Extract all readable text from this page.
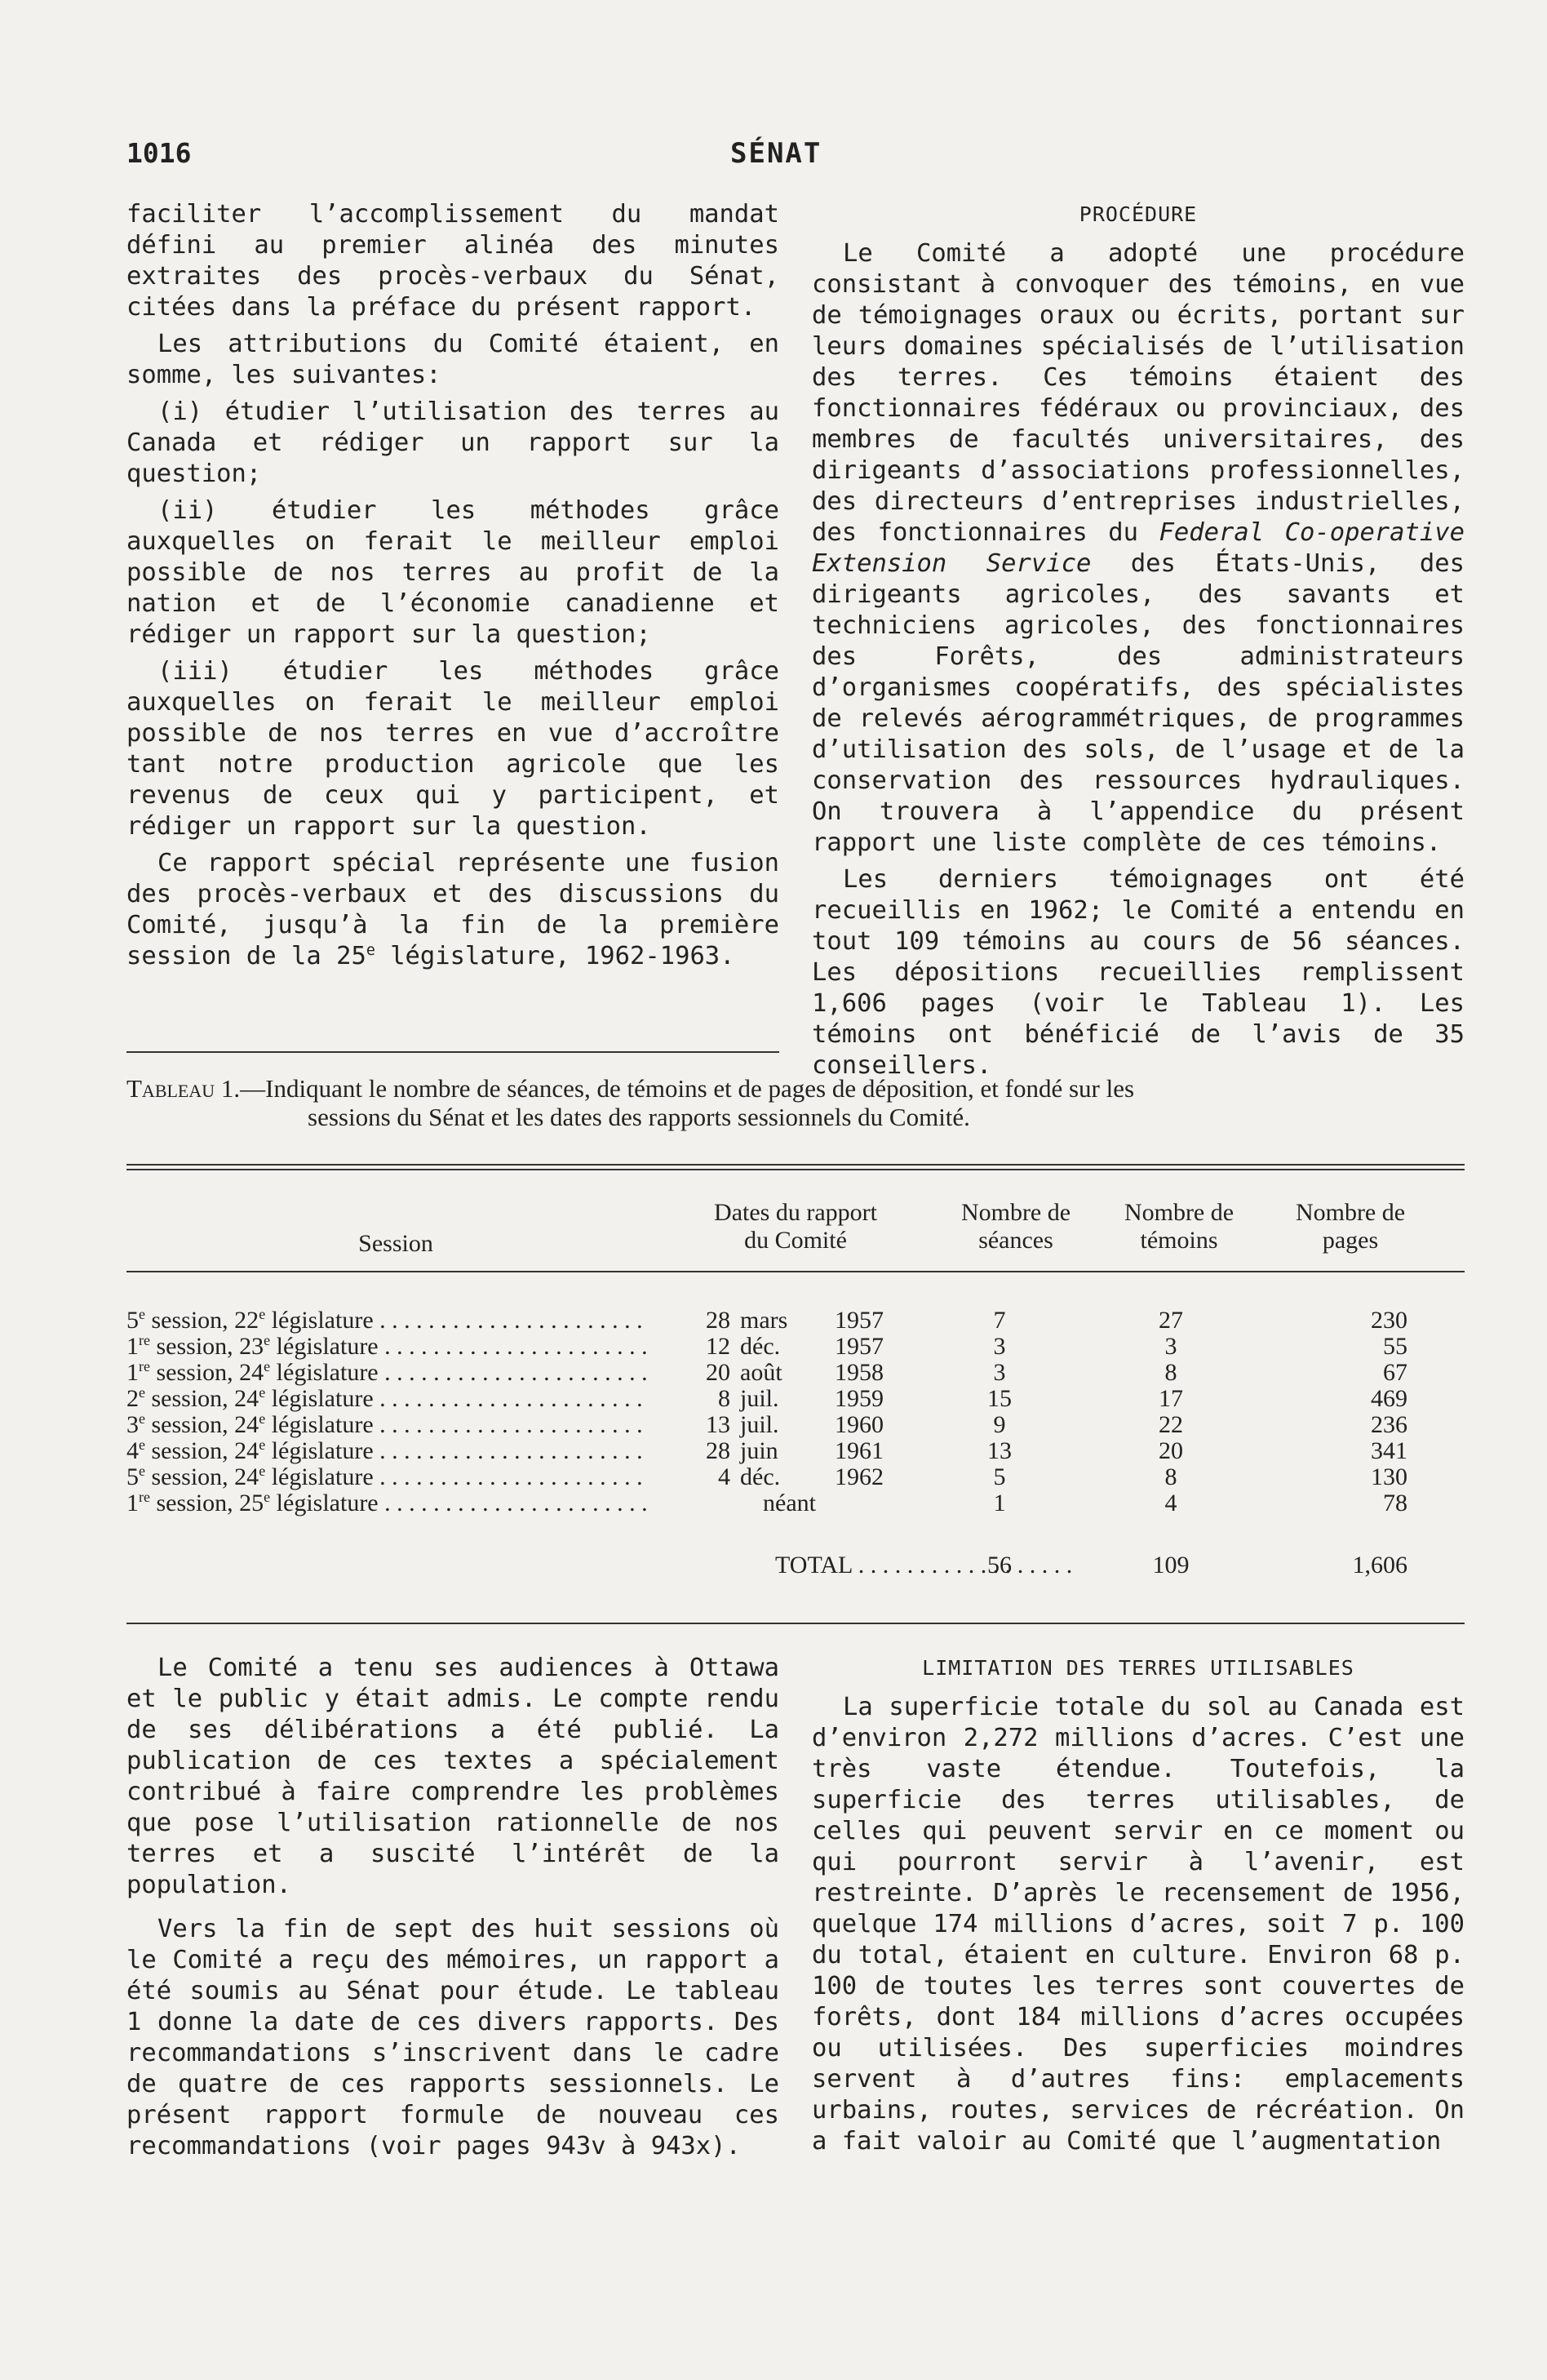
1016	SÉNAT

faciliter l’accomplissement du mandat défini au premier alinéa des minutes extraites des procès-verbaux du Sénat, citées dans la préface du présent rapport.

Les attributions du Comité étaient, en somme, les suivantes:

(i) étudier l’utilisation des terres au Canada et rédiger un rapport sur la question;

(ii) étudier les méthodes grâce auxquelles on ferait le meilleur emploi possible de nos terres au profit de la nation et de l’économie canadienne et rédiger un rapport sur la question;

(iii) étudier les méthodes grâce auxquelles on ferait le meilleur emploi possible de nos terres en vue d’accroître tant notre production agricole que les revenus de ceux qui y participent, et rédiger un rapport sur la question.

Ce rapport spécial représente une fusion des procès-verbaux et des discussions du Comité, jusqu’à la fin de la première session de la 25e législature, 1962-1963.

PROCÉDURE

Le Comité a adopté une procédure consistant à convoquer des témoins, en vue de témoignages oraux ou écrits, portant sur leurs domaines spécialisés de l’utilisation des terres. Ces témoins étaient des fonctionnaires fédéraux ou provinciaux, des membres de facultés universitaires, des dirigeants d’associations professionnelles, des directeurs d’entreprises industrielles, des fonctionnaires du Federal Co-operative Extension Service des États-Unis, des dirigeants agricoles, des savants et techniciens agricoles, des fonctionnaires des Forêts, des administrateurs d’organismes coopératifs, des spécialistes de relevés aérogrammétriques, de programmes d’utilisation des sols, de l’usage et de la conservation des ressources hydrauliques. On trouvera à l’appendice du présent rapport une liste complète de ces témoins.

Les derniers témoignages ont été recueillis en 1962; le Comité a entendu en tout 109 témoins au cours de 56 séances. Les dépositions recueillies remplissent 1,606 pages (voir le Tableau 1). Les témoins ont bénéficié de l’avis de 35 conseillers.

Tableau 1.—Indiquant le nombre de séances, de témoins et de pages de déposition, et fondé sur les
sessions du Sénat et les dates des rapports sessionnels du Comité.
Session
Dates du rapport
du Comité
Nombre de
séances
Nombre de
témoins
Nombre de
pages
5e session, 22e législature . . .	28 mars	1957	7	27	230
1re session, 23e législature . . .	12 déc.	1957	3	3	55
1re session, 24e législature . . .	20 août	1958	3	8	67
2e session, 24e législature . . .	8 juil.	1959	15	17	469
3e session, 24e législature . . .	13 juil.	1960	9	22	236
4e session, 24e législature . . .	28 juin	1961	13	20	341
5e session, 24e législature . . .	4 déc.	1962	5	8	130
1re session, 25e législature . . .	néant	1	4	78
TOTAL . . .	56	109	1,606

Le Comité a tenu ses audiences à Ottawa et le public y était admis. Le compte rendu de ses délibérations a été publié. La publication de ces textes a spécialement contribué à faire comprendre les problèmes que pose l’utilisation rationnelle de nos terres et a suscité l’intérêt de la population.

Vers la fin de sept des huit sessions où le Comité a reçu des mémoires, un rapport a été soumis au Sénat pour étude. Le tableau 1 donne la date de ces divers rapports. Des recommandations s’inscrivent dans le cadre de quatre de ces rapports sessionnels. Le présent rapport formule de nouveau ces recommandations (voir pages 943v à 943x).

LIMITATION DES TERRES UTILISABLES

La superficie totale du sol au Canada est d’environ 2,272 millions d’acres. C’est une très vaste étendue. Toutefois, la superficie des terres utilisables, de celles qui peuvent servir en ce moment ou qui pourront servir à l’avenir, est restreinte. D’après le recensement de 1956, quelque 174 millions d’acres, soit 7 p. 100 du total, étaient en culture. Environ 68 p. 100 de toutes les terres sont couvertes de forêts, dont 184 millions d’acres occupées ou utilisées. Des superficies moindres servent à d’autres fins: emplacements urbains, routes, services de récréation. On a fait valoir au Comité que l’augmentation
